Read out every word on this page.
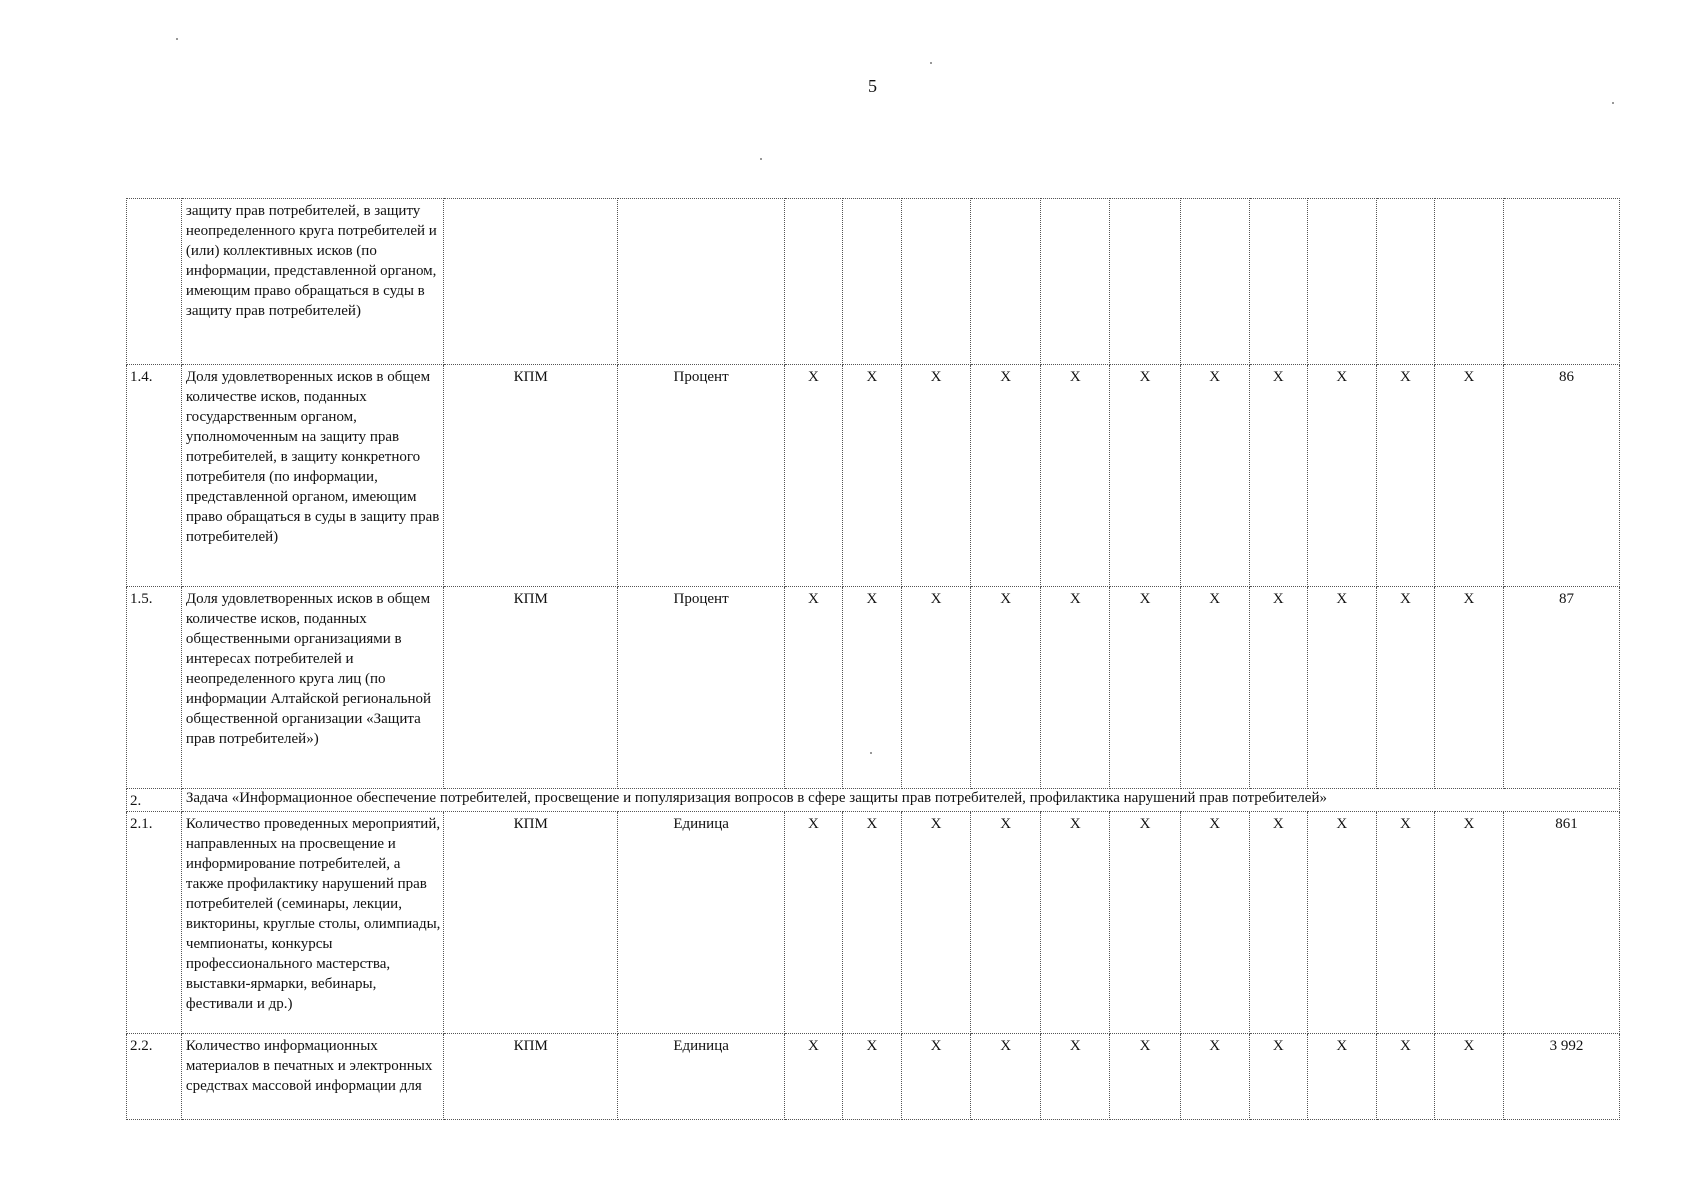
5
	защиту прав потребителей, в защиту неопределенного круга потребителей и (или) коллективных исков (по информации, представленной органом, имеющим право обращаться в суды в защиту прав потребителей)														
1.4.	Доля удовлетворенных исков в общем количестве исков, поданных государственным органом, уполномоченным на защиту прав потребителей, в защиту конкретного потребителя (по информации, представленной органом, имеющим право обращаться в суды в защиту прав потребителей)	КПМ	Процент	X	X	X	X	X	X	X	X	X	X	X	86
1.5.	Доля удовлетворенных исков в общем количестве исков, поданных общественными организациями в интересах потребителей и неопределенного круга лиц (по информации Алтайской региональной общественной организации «Защита прав потребителей»)	КПМ	Процент	X	X	X	X	X	X	X	X	X	X	X	87
2.	Задача «Информационное обеспечение потребителей, просвещение и популяризация вопросов в сфере защиты прав потребителей, профилактика нарушений прав потребителей»														
2.1.	Количество проведенных мероприятий, направленных на просвещение и информирование потребителей, а также профилактику нарушений прав потребителей (семинары, лекции, викторины, круглые столы, олимпиады, чемпионаты, конкурсы профессионального мастерства, выставки-ярмарки, вебинары, фестивали и др.)	КПМ	Единица	X	X	X	X	X	X	X	X	X	X	X	861
2.2.	Количество информационных материалов в печатных и электронных средствах массовой информации для	КПМ	Единица	X	X	X	X	X	X	X	X	X	X	X	3 992
